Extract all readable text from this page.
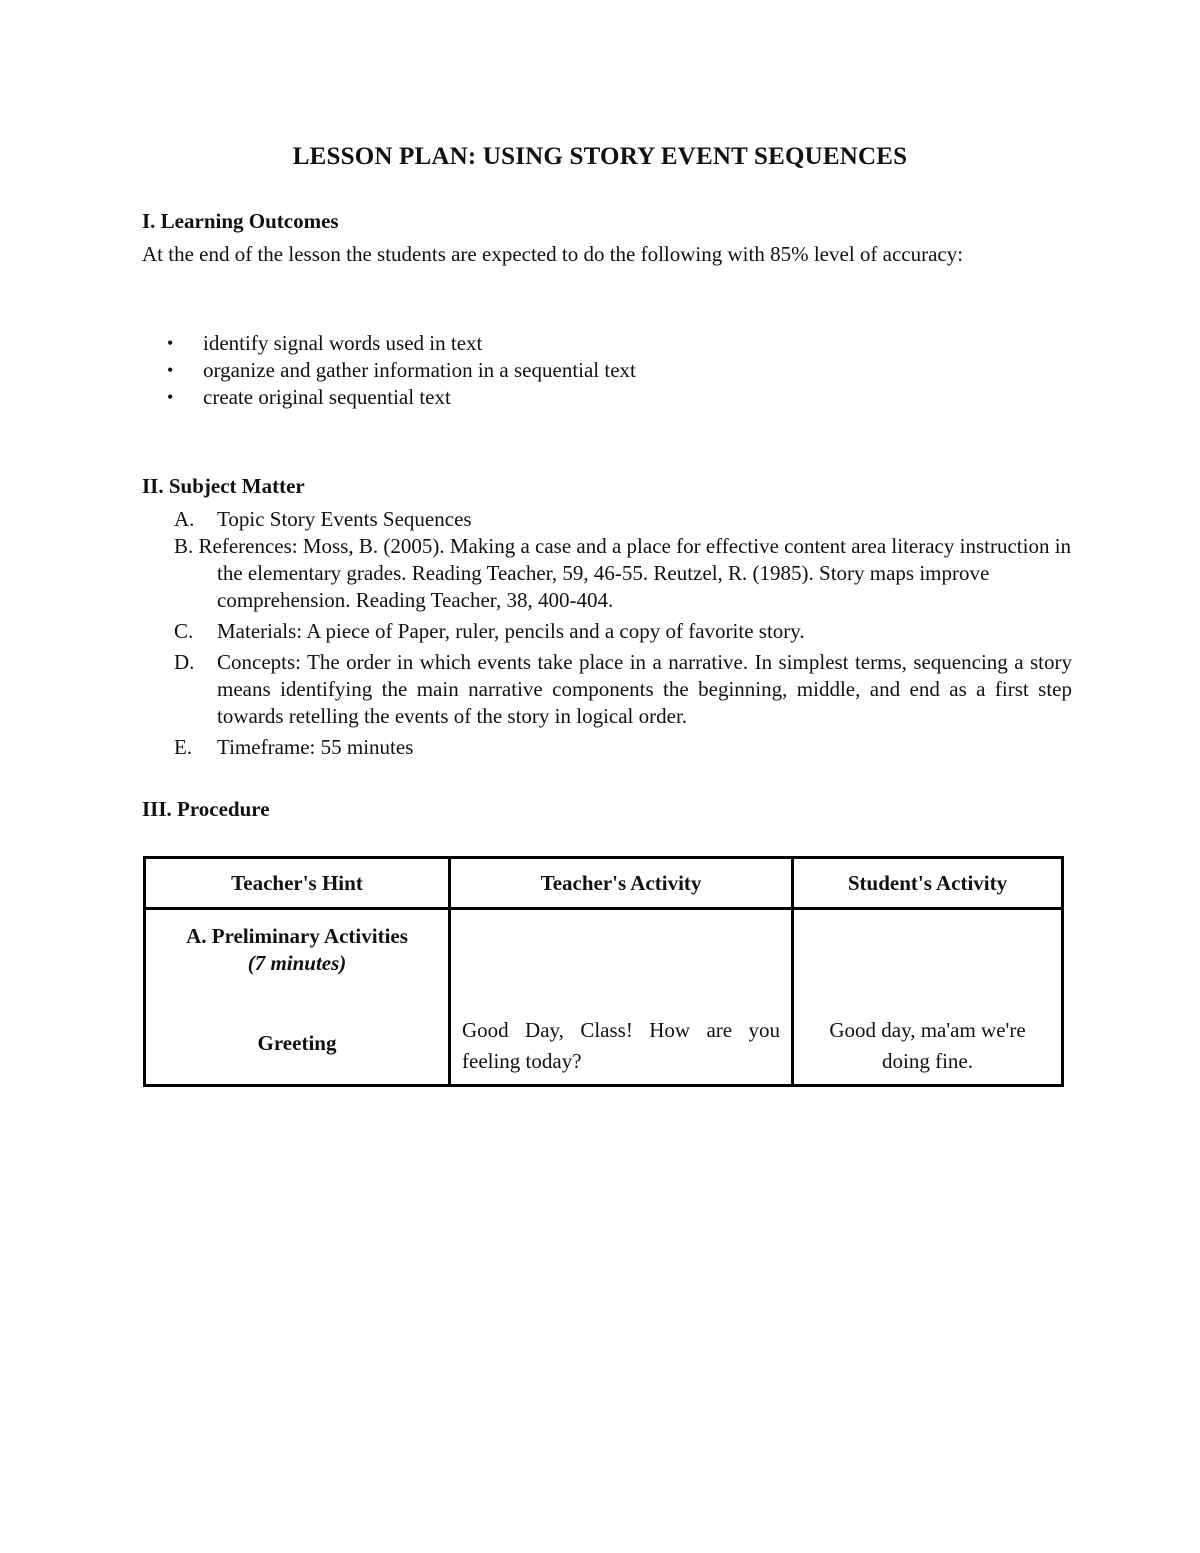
LESSON PLAN: USING STORY EVENT SEQUENCES
I. Learning Outcomes
At the end of the lesson the students are expected to do the following with 85% level of accuracy:
• identify signal words used in text
• organize and gather information in a sequential text
• create original sequential text
II. Subject Matter
A. Topic Story Events Sequences
B. References: Moss, B. (2005). Making a case and a place for effective content area literacy instruction in the elementary grades. Reading Teacher, 59, 46-55. Reutzel, R. (1985). Story maps improve comprehension. Reading Teacher, 38, 400-404.
C. Materials: A piece of Paper, ruler, pencils and a copy of favorite story.
D. Concepts: The order in which events take place in a narrative. In simplest terms, sequencing a story means identifying the main narrative components the beginning, middle, and end as a first step towards retelling the events of the story in logical order.
E. Timeframe: 55 minutes
III. Procedure
Teacher's Hint	Teacher's Activity	Student's Activity

A. Preliminary Activities
(7 minutes)
Greeting	Good Day, Class! How are you feeling today?	Good day, ma'am we're doing fine.
